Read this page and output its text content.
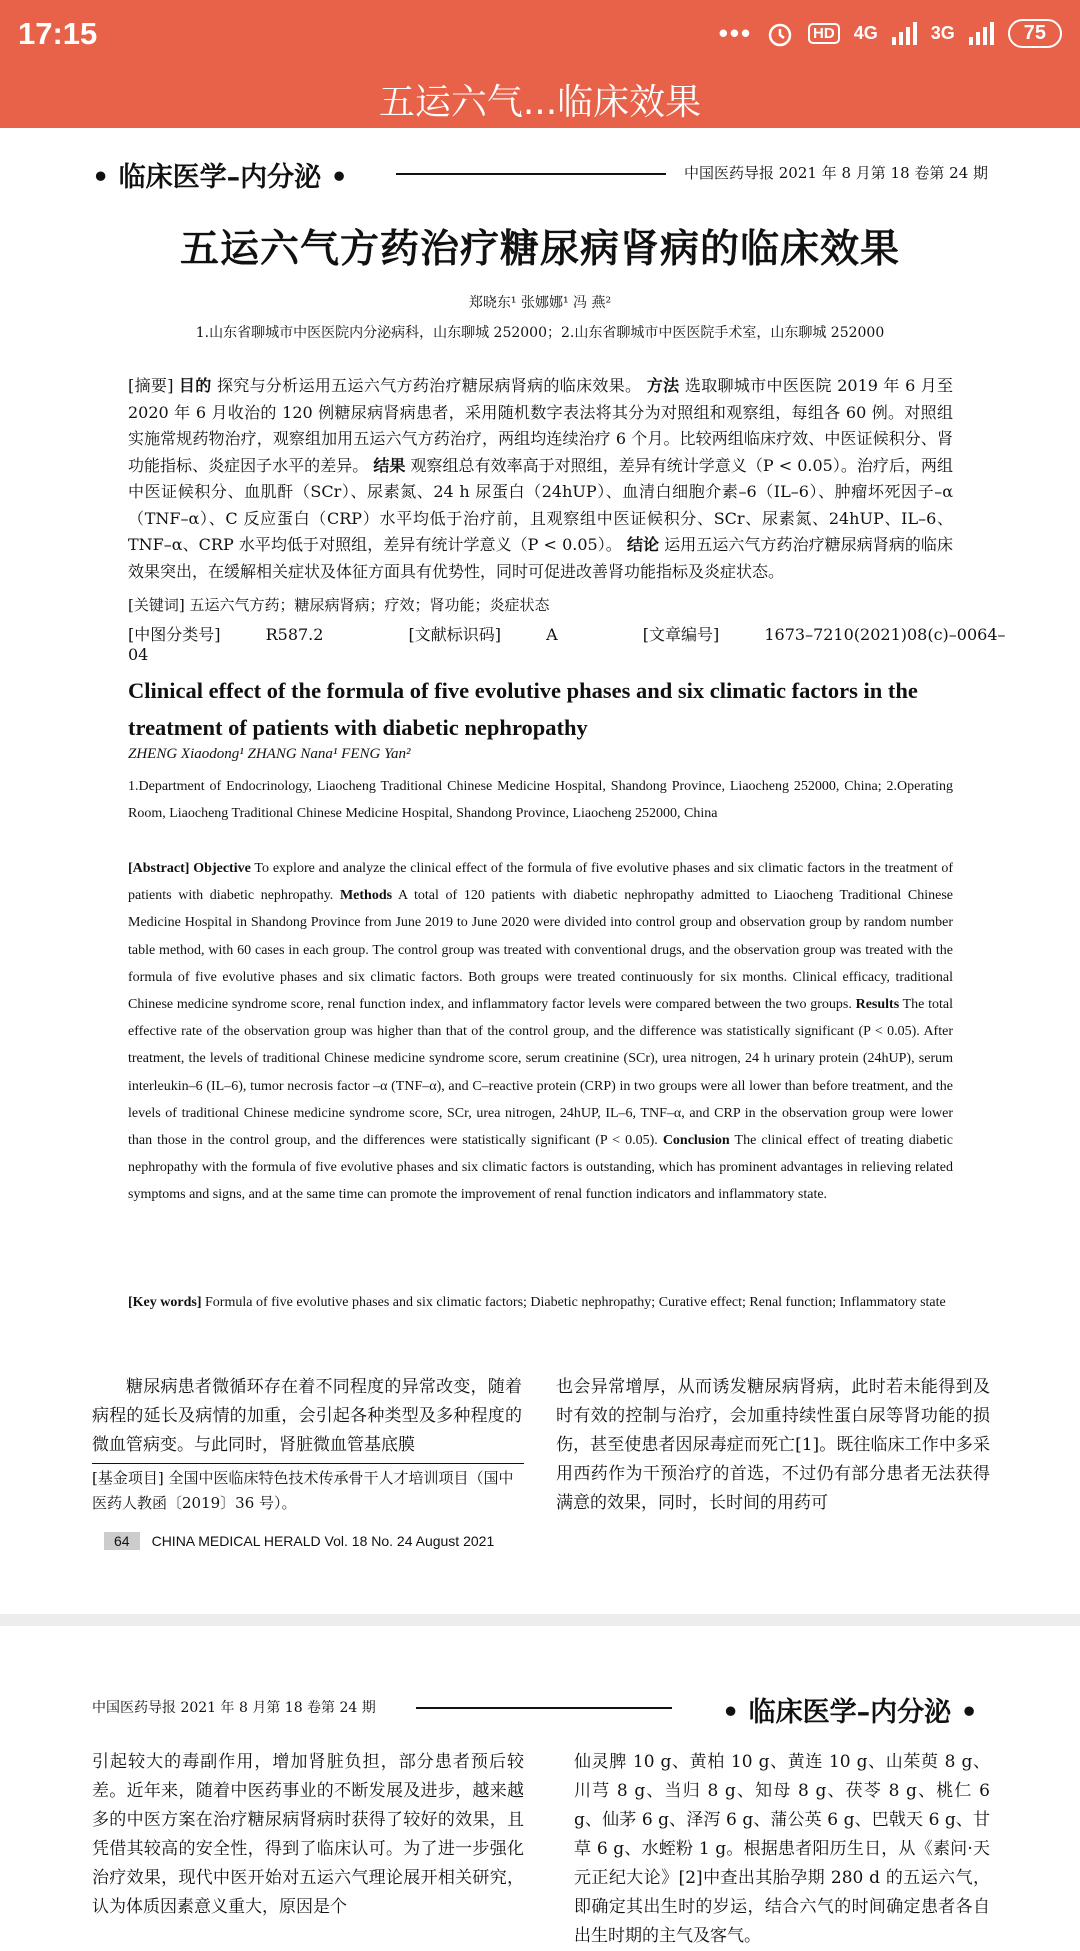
17:15	•••	HD 4G	3G	75
五运六气...临床效果
• 临床医学–内分泌 •	中国医药导报 2021 年 8 月第 18 卷第 24 期
五运六气方药治疗糖尿病肾病的临床效果
郑晓东¹ 张娜娜¹ 冯 燕²
1.山东省聊城市中医医院内分泌病科，山东聊城 252000；2.山东省聊城市中医医院手术室，山东聊城 252000
[摘要] 目的 探究与分析运用五运六气方药治疗糖尿病肾病的临床效果。 方法 选取聊城市中医医院 2019 年 6 月至 2020 年 6 月收治的 120 例糖尿病肾病患者，采用随机数字表法将其分为对照组和观察组，每组各 60 例。对照组实施常规药物治疗，观察组加用五运六气方药治疗，两组均连续治疗 6 个月。比较两组临床疗效、中医证候积分、肾功能指标、炎症因子水平的差异。 结果 观察组总有效率高于对照组，差异有统计学意义（P < 0.05）。治疗后，两组中医证候积分、血肌酐（SCr）、尿素氮、24 h 尿蛋白（24hUP）、血清白细胞介素–6（IL–6）、肿瘤坏死因子–α（TNF–α）、C 反应蛋白（CRP）水平均低于治疗前，且观察组中医证候积分、SCr、尿素氮、24hUP、IL–6、TNF–α、CRP 水平均低于对照组，差异有统计学意义（P < 0.05）。 结论 运用五运六气方药治疗糖尿病肾病的临床效果突出，在缓解相关症状及体征方面具有优势性，同时可促进改善肾功能指标及炎症状态。
[关键词] 五运六气方药；糖尿病肾病；疗效；肾功能；炎症状态
[中图分类号]	R587.2	[文献标识码]	A	[文章编号]	1673–7210(2021)08(c)–0064–04
Clinical effect of the formula of five evolutive phases and six climatic factors in the treatment of patients with diabetic nephropathy
ZHENG Xiaodong¹ ZHANG Nana¹ FENG Yan²
1.Department of Endocrinology, Liaocheng Traditional Chinese Medicine Hospital, Shandong Province, Liaocheng 252000, China; 2.Operating Room, Liaocheng Traditional Chinese Medicine Hospital, Shandong Province, Liaocheng 252000, China
[Abstract] Objective To explore and analyze the clinical effect of the formula of five evolutive phases and six climatic factors in the treatment of patients with diabetic nephropathy. Methods A total of 120 patients with diabetic nephropathy admitted to Liaocheng Traditional Chinese Medicine Hospital in Shandong Province from June 2019 to June 2020 were divided into control group and observation group by random number table method, with 60 cases in each group. The control group was treated with conventional drugs, and the observation group was treated with the formula of five evolutive phases and six climatic factors. Both groups were treated continuously for six months. Clinical efficacy, traditional Chinese medicine syndrome score, renal function index, and inflammatory factor levels were compared between the two groups. Results The total effective rate of the observation group was higher than that of the control group, and the difference was statistically significant (P < 0.05). After treatment, the levels of traditional Chinese medicine syndrome score, serum creatinine (SCr), urea nitrogen, 24 h urinary protein (24hUP), serum interleukin–6 (IL–6), tumor necrosis factor –α (TNF–α), and C–reactive protein (CRP) in two groups were all lower than before treatment, and the levels of traditional Chinese medicine syndrome score, SCr, urea nitrogen, 24hUP, IL–6, TNF–α, and CRP in the observation group were lower than those in the control group, and the differences were statistically significant (P < 0.05). Conclusion The clinical effect of treating diabetic nephropathy with the formula of five evolutive phases and six climatic factors is outstanding, which has prominent advantages in relieving related symptoms and signs, and at the same time can promote the improvement of renal function indicators and inflammatory state.
[Key words] Formula of five evolutive phases and six climatic factors; Diabetic nephropathy; Curative effect; Renal function; Inflammatory state
糖尿病患者微循环存在着不同程度的异常改变，随着病程的延长及病情的加重，会引起各种类型及多种程度的微血管病变。与此同时，肾脏微血管基底膜
[基金项目] 全国中医临床特色技术传承骨干人才培训项目（国中医药人教函〔2019〕36 号）。
也会异常增厚，从而诱发糖尿病肾病，此时若未能得到及时有效的控制与治疗，会加重持续性蛋白尿等肾功能的损伤，甚至使患者因尿毒症而死亡[1]。既往临床工作中多采用西药作为干预治疗的首选，不过仍有部分患者无法获得满意的效果，同时，长时间的用药可
64	CHINA MEDICAL HERALD Vol. 18 No. 24 August 2021
中国医药导报 2021 年 8 月第 18 卷第 24 期	• 临床医学–内分泌 •
引起较大的毒副作用，增加肾脏负担，部分患者预后较差。近年来，随着中医药事业的不断发展及进步，越来越多的中医方案在治疗糖尿病肾病时获得了较好的效果，且凭借其较高的安全性，得到了临床认可。为了进一步强化治疗效果，现代中医开始对五运六气理论展开相关研究，认为体质因素意义重大，原因是个
仙灵脾 10 g、黄柏 10 g、黄连 10 g、山茱萸 8 g、川芎 8 g、当归 8 g、知母 8 g、茯苓 8 g、桃仁 6 g、仙茅 6 g、泽泻 6 g、蒲公英 6 g、巴戟天 6 g、甘草 6 g、水蛭粉 1 g。根据患者阳历生日，从《素问·天元正纪大论》[2]中查出其胎孕期 280 d 的五运六气，即确定其出生时的岁运，结合六气的时间确定患者各自出生时期的主气及客气。
